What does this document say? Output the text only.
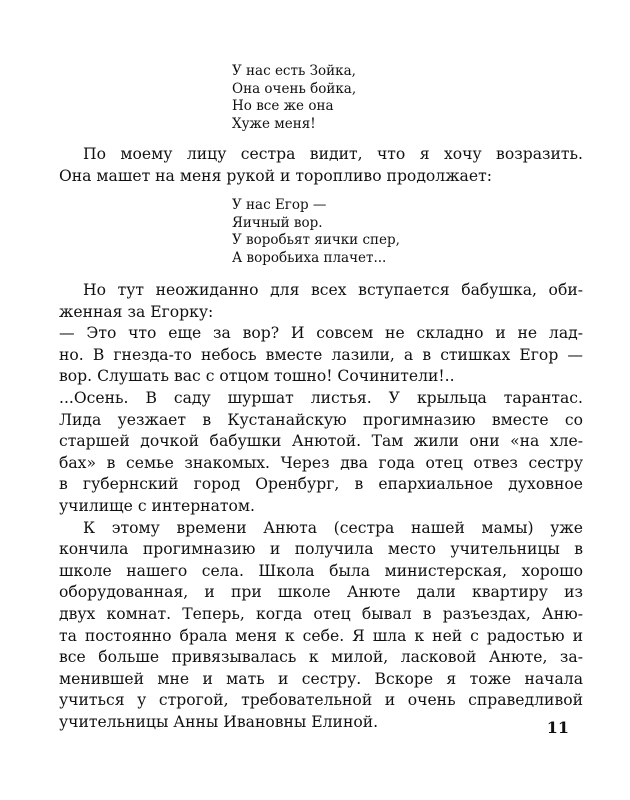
У нас есть Зойка,
Она очень бойка,
Но все же она
Хуже меня!
По моему лицу сестра видит, что я хочу возразить.
Она машет на меня рукой и торопливо продолжает:
У нас Егор —
Яичный вор.
У воробьят яички спер,
А воробьиха плачет...
Но тут неожиданно для всех вступается бабушка, оби-
женная за Егорку:
— Это что еще за вор? И совсем не складно и не лад-
но. В гнезда-то небось вместе лазили, а в стишках Егор —
вор. Слушать вас с отцом тошно! Сочинители!..
...Осень. В саду шуршат листья. У крыльца тарантас.
Лида уезжает в Кустанайскую прогимназию вместе со
старшей дочкой бабушки Анютой. Там жили они «на хле-
бах» в семье знакомых. Через два года отец отвез сестру
в губернский город Оренбург, в епархиальное духовное
училище с интернатом.
К этому времени Анюта (сестра нашей мамы) уже
кончила прогимназию и получила место учительницы в
школе нашего села. Школа была министерская, хорошо
оборудованная, и при школе Анюте дали квартиру из
двух комнат. Теперь, когда отец бывал в разъездах, Аню-
та постоянно брала меня к себе. Я шла к ней с радостью и
все больше привязывалась к милой, ласковой Анюте, за-
менившей мне и мать и сестру. Вскоре я тоже начала
учиться у строгой, требовательной и очень справедливой
учительницы Анны Ивановны Елиной.	11
